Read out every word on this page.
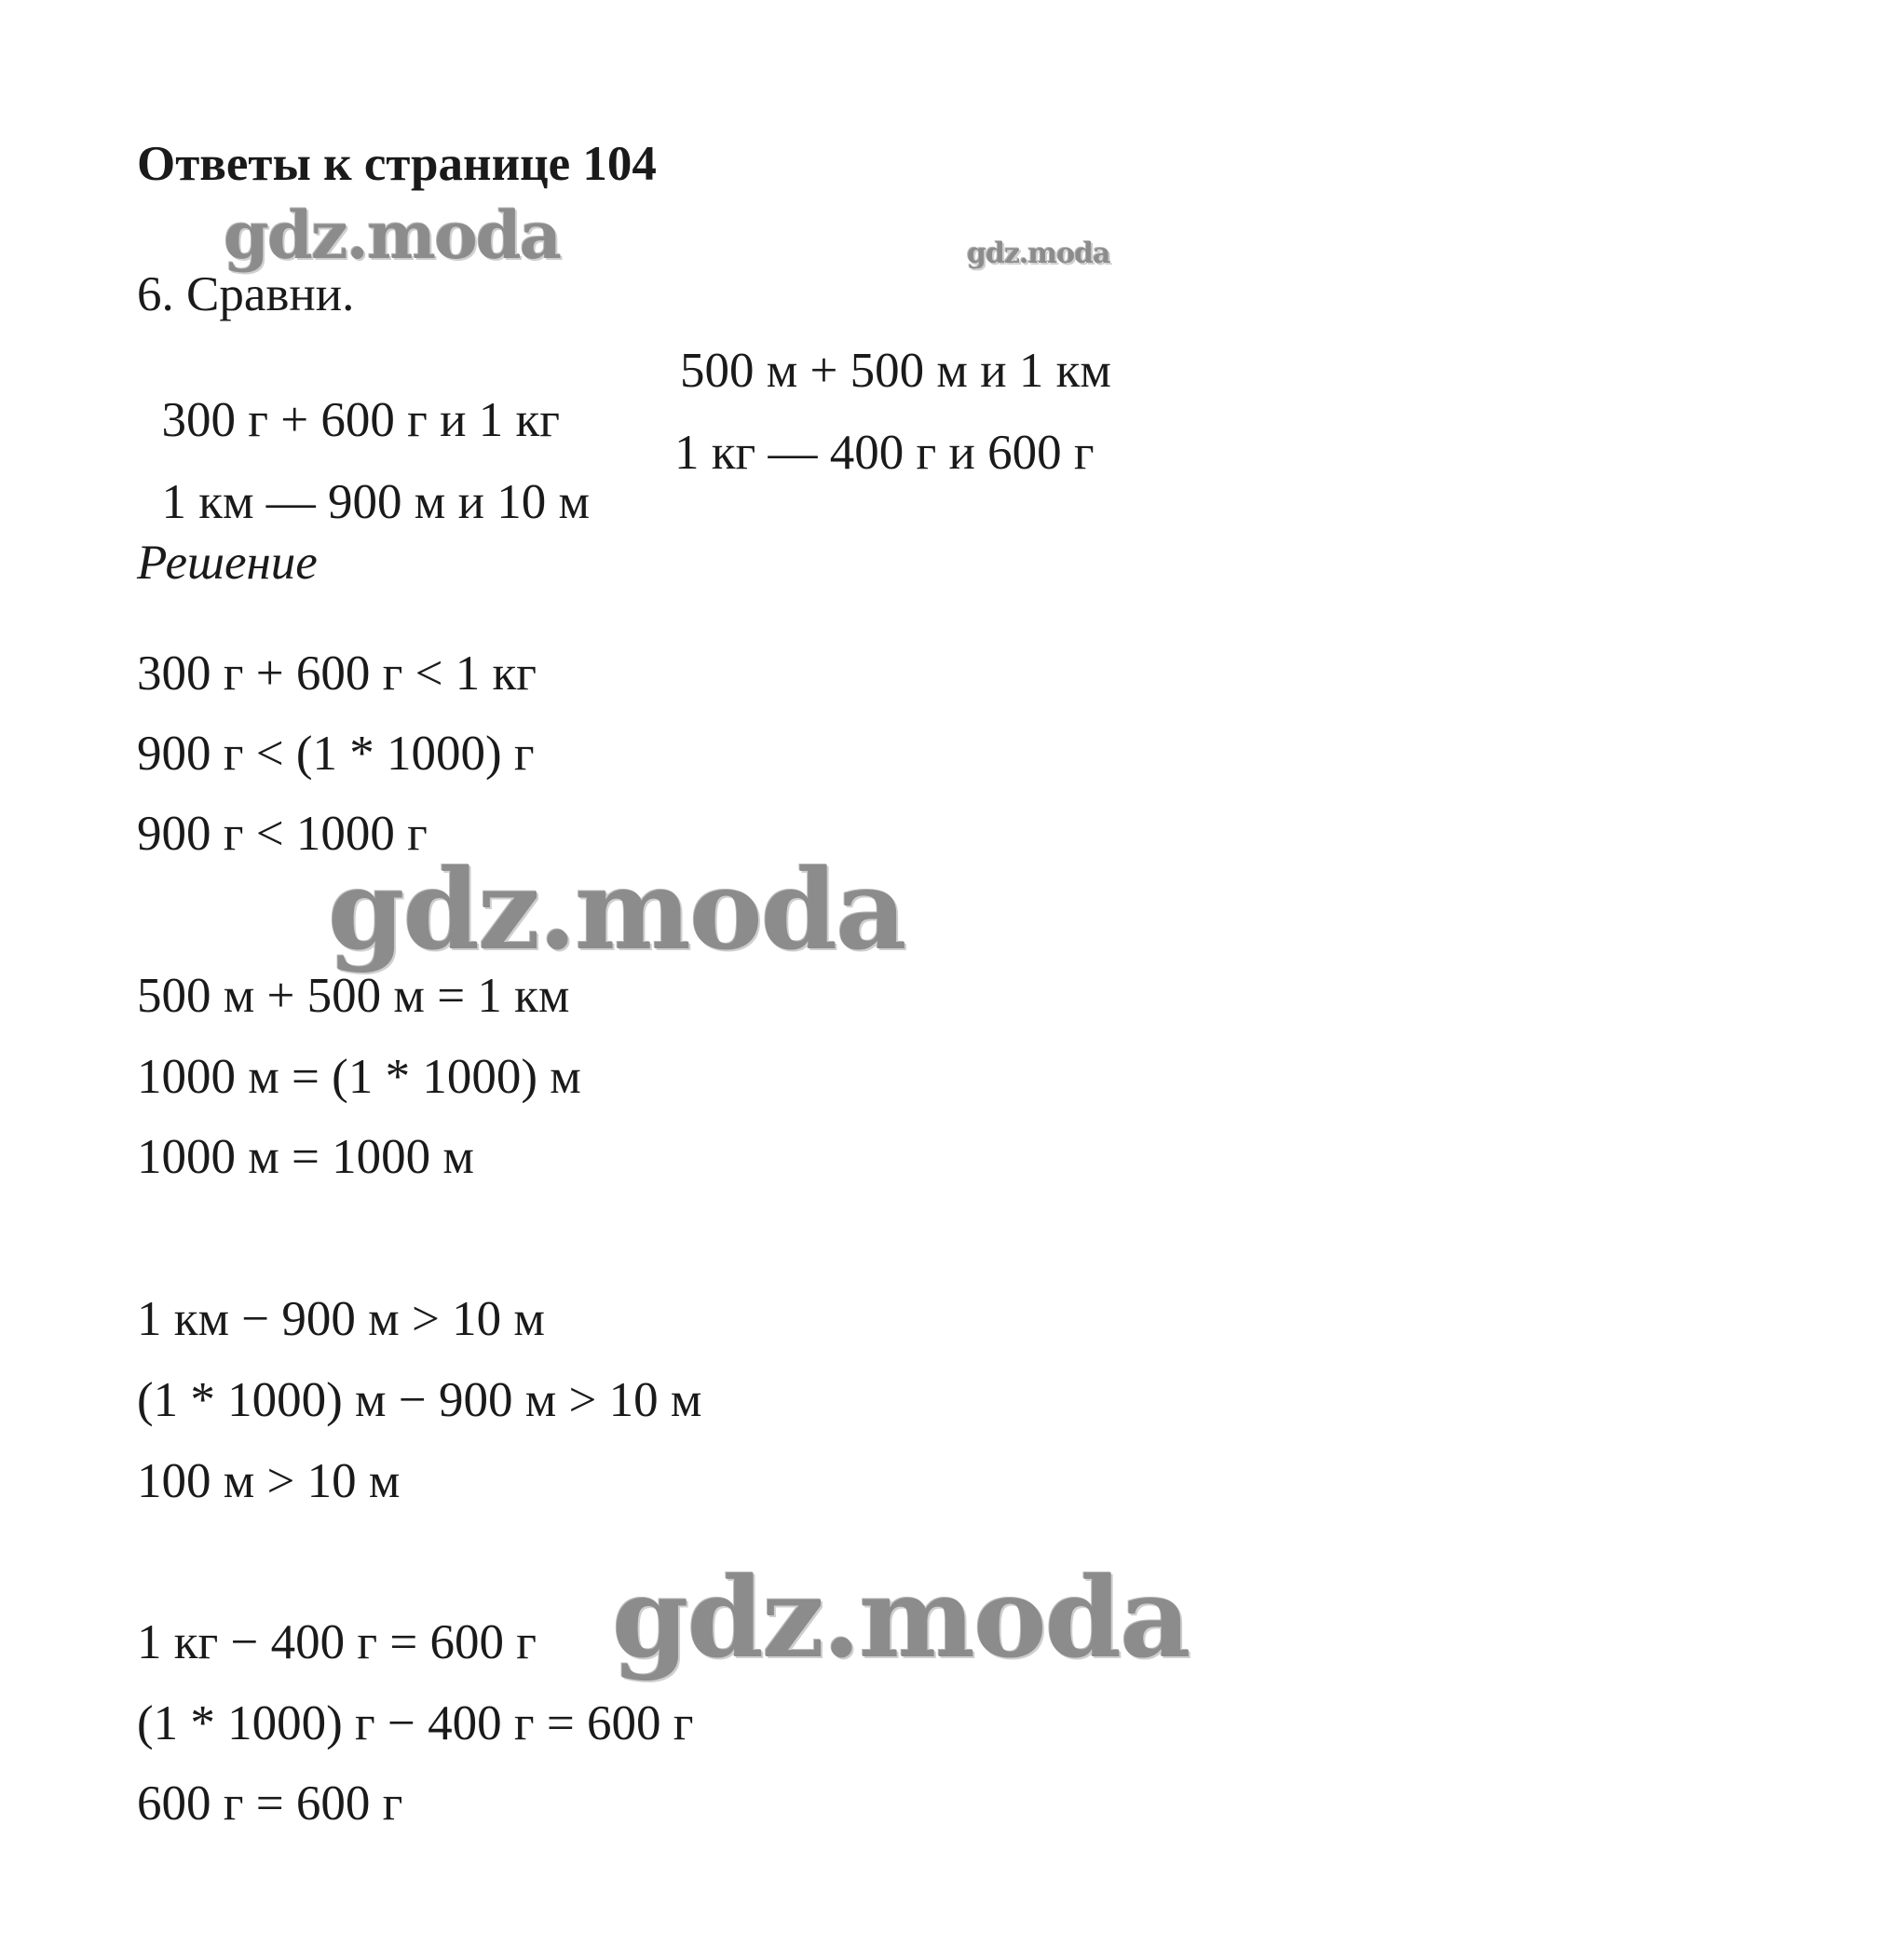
Ответы к странице 104
gdz.moda	gdz.moda
6. Сравни.

300 г + 600 г и 1 кг

500 м + 500 м и 1 км

1 км — 900 м и 10 м

1 кг — 400 г и 600 г

Решение
300 г + 600 г < 1 кг
900 г < (1 * 1000) г
900 г < 1000 г
gdz.moda
500 м + 500 м = 1 км
1000 м = (1 * 1000) м
1000 м = 1000 м
1 км − 900 м > 10 м
(1 * 1000) м − 900 м > 10 м
100 м > 10 м
gdz.moda
1 кг − 400 г = 600 г
(1 * 1000) г − 400 г = 600 г
600 г = 600 г
